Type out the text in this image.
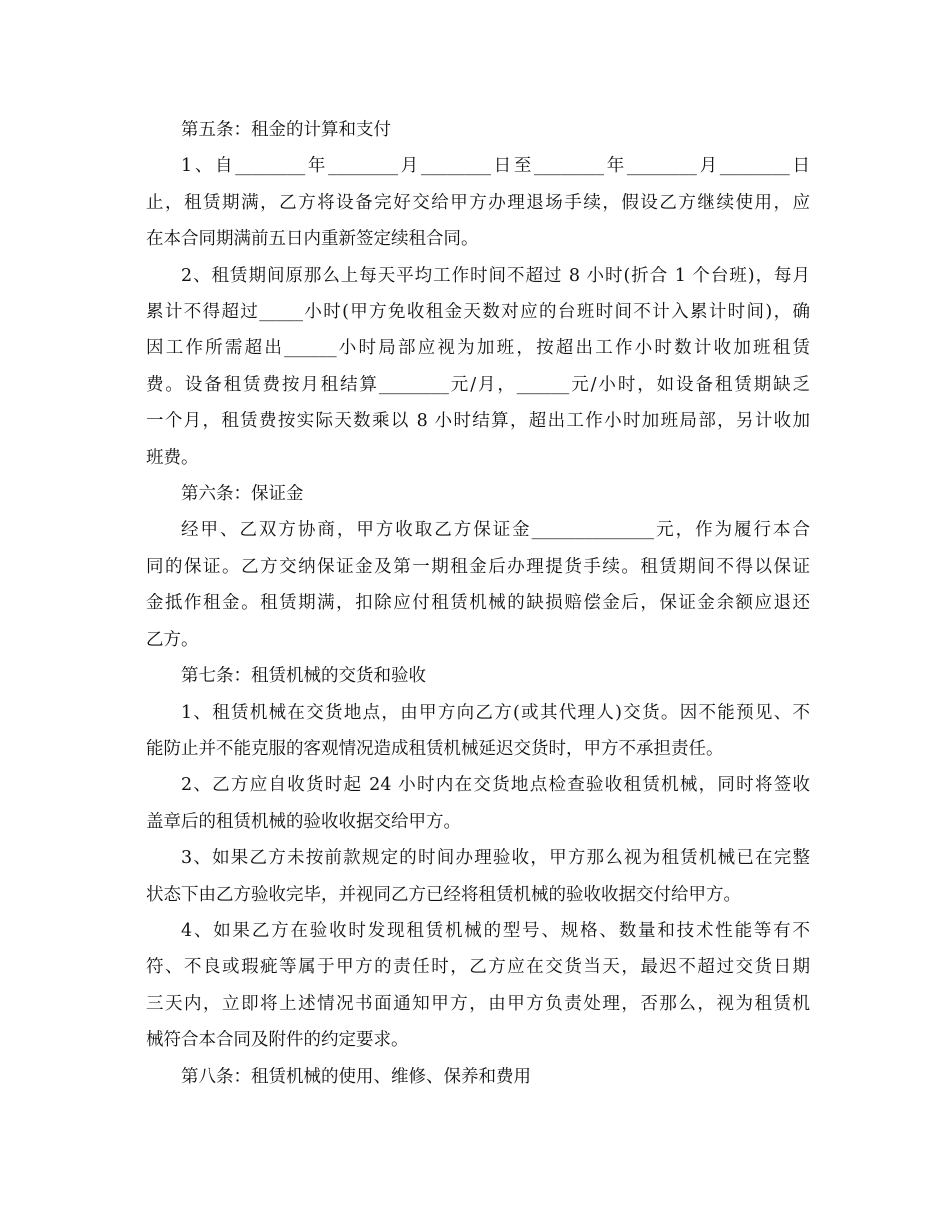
第五条：租金的计算和支付

1、自________年________月________日至________年________月________日
止，租赁期满，乙方将设备完好交给甲方办理退场手续，假设乙方继续使用，应
在本合同期满前五日内重新签定续租合同。

2、租赁期间原那么上每天平均工作时间不超过 8 小时(折合 1 个台班)，每月
累计不得超过_____小时(甲方免收租金天数对应的台班时间不计入累计时间)，确
因工作所需超出______小时局部应视为加班，按超出工作小时数计收加班租赁
费。设备租赁费按月租结算________元/月，______元/小时，如设备租赁期缺乏
一个月，租赁费按实际天数乘以 8 小时结算，超出工作小时加班局部，另计收加
班费。

第六条：保证金

经甲、乙双方协商，甲方收取乙方保证金______________元，作为履行本合
同的保证。乙方交纳保证金及第一期租金后办理提货手续。租赁期间不得以保证
金抵作租金。租赁期满，扣除应付租赁机械的缺损赔偿金后，保证金余额应退还
乙方。

第七条：租赁机械的交货和验收

1、租赁机械在交货地点，由甲方向乙方(或其代理人)交货。因不能预见、不
能防止并不能克服的客观情况造成租赁机械延迟交货时，甲方不承担责任。

2、乙方应自收货时起 24 小时内在交货地点检查验收租赁机械，同时将签收
盖章后的租赁机械的验收收据交给甲方。

3、如果乙方未按前款规定的时间办理验收，甲方那么视为租赁机械已在完整
状态下由乙方验收完毕，并视同乙方已经将租赁机械的验收收据交付给甲方。

4、如果乙方在验收时发现租赁机械的型号、规格、数量和技术性能等有不
符、不良或瑕疵等属于甲方的责任时，乙方应在交货当天，最迟不超过交货日期
三天内，立即将上述情况书面通知甲方，由甲方负责处理，否那么，视为租赁机
械符合本合同及附件的约定要求。

第八条：租赁机械的使用、维修、保养和费用
